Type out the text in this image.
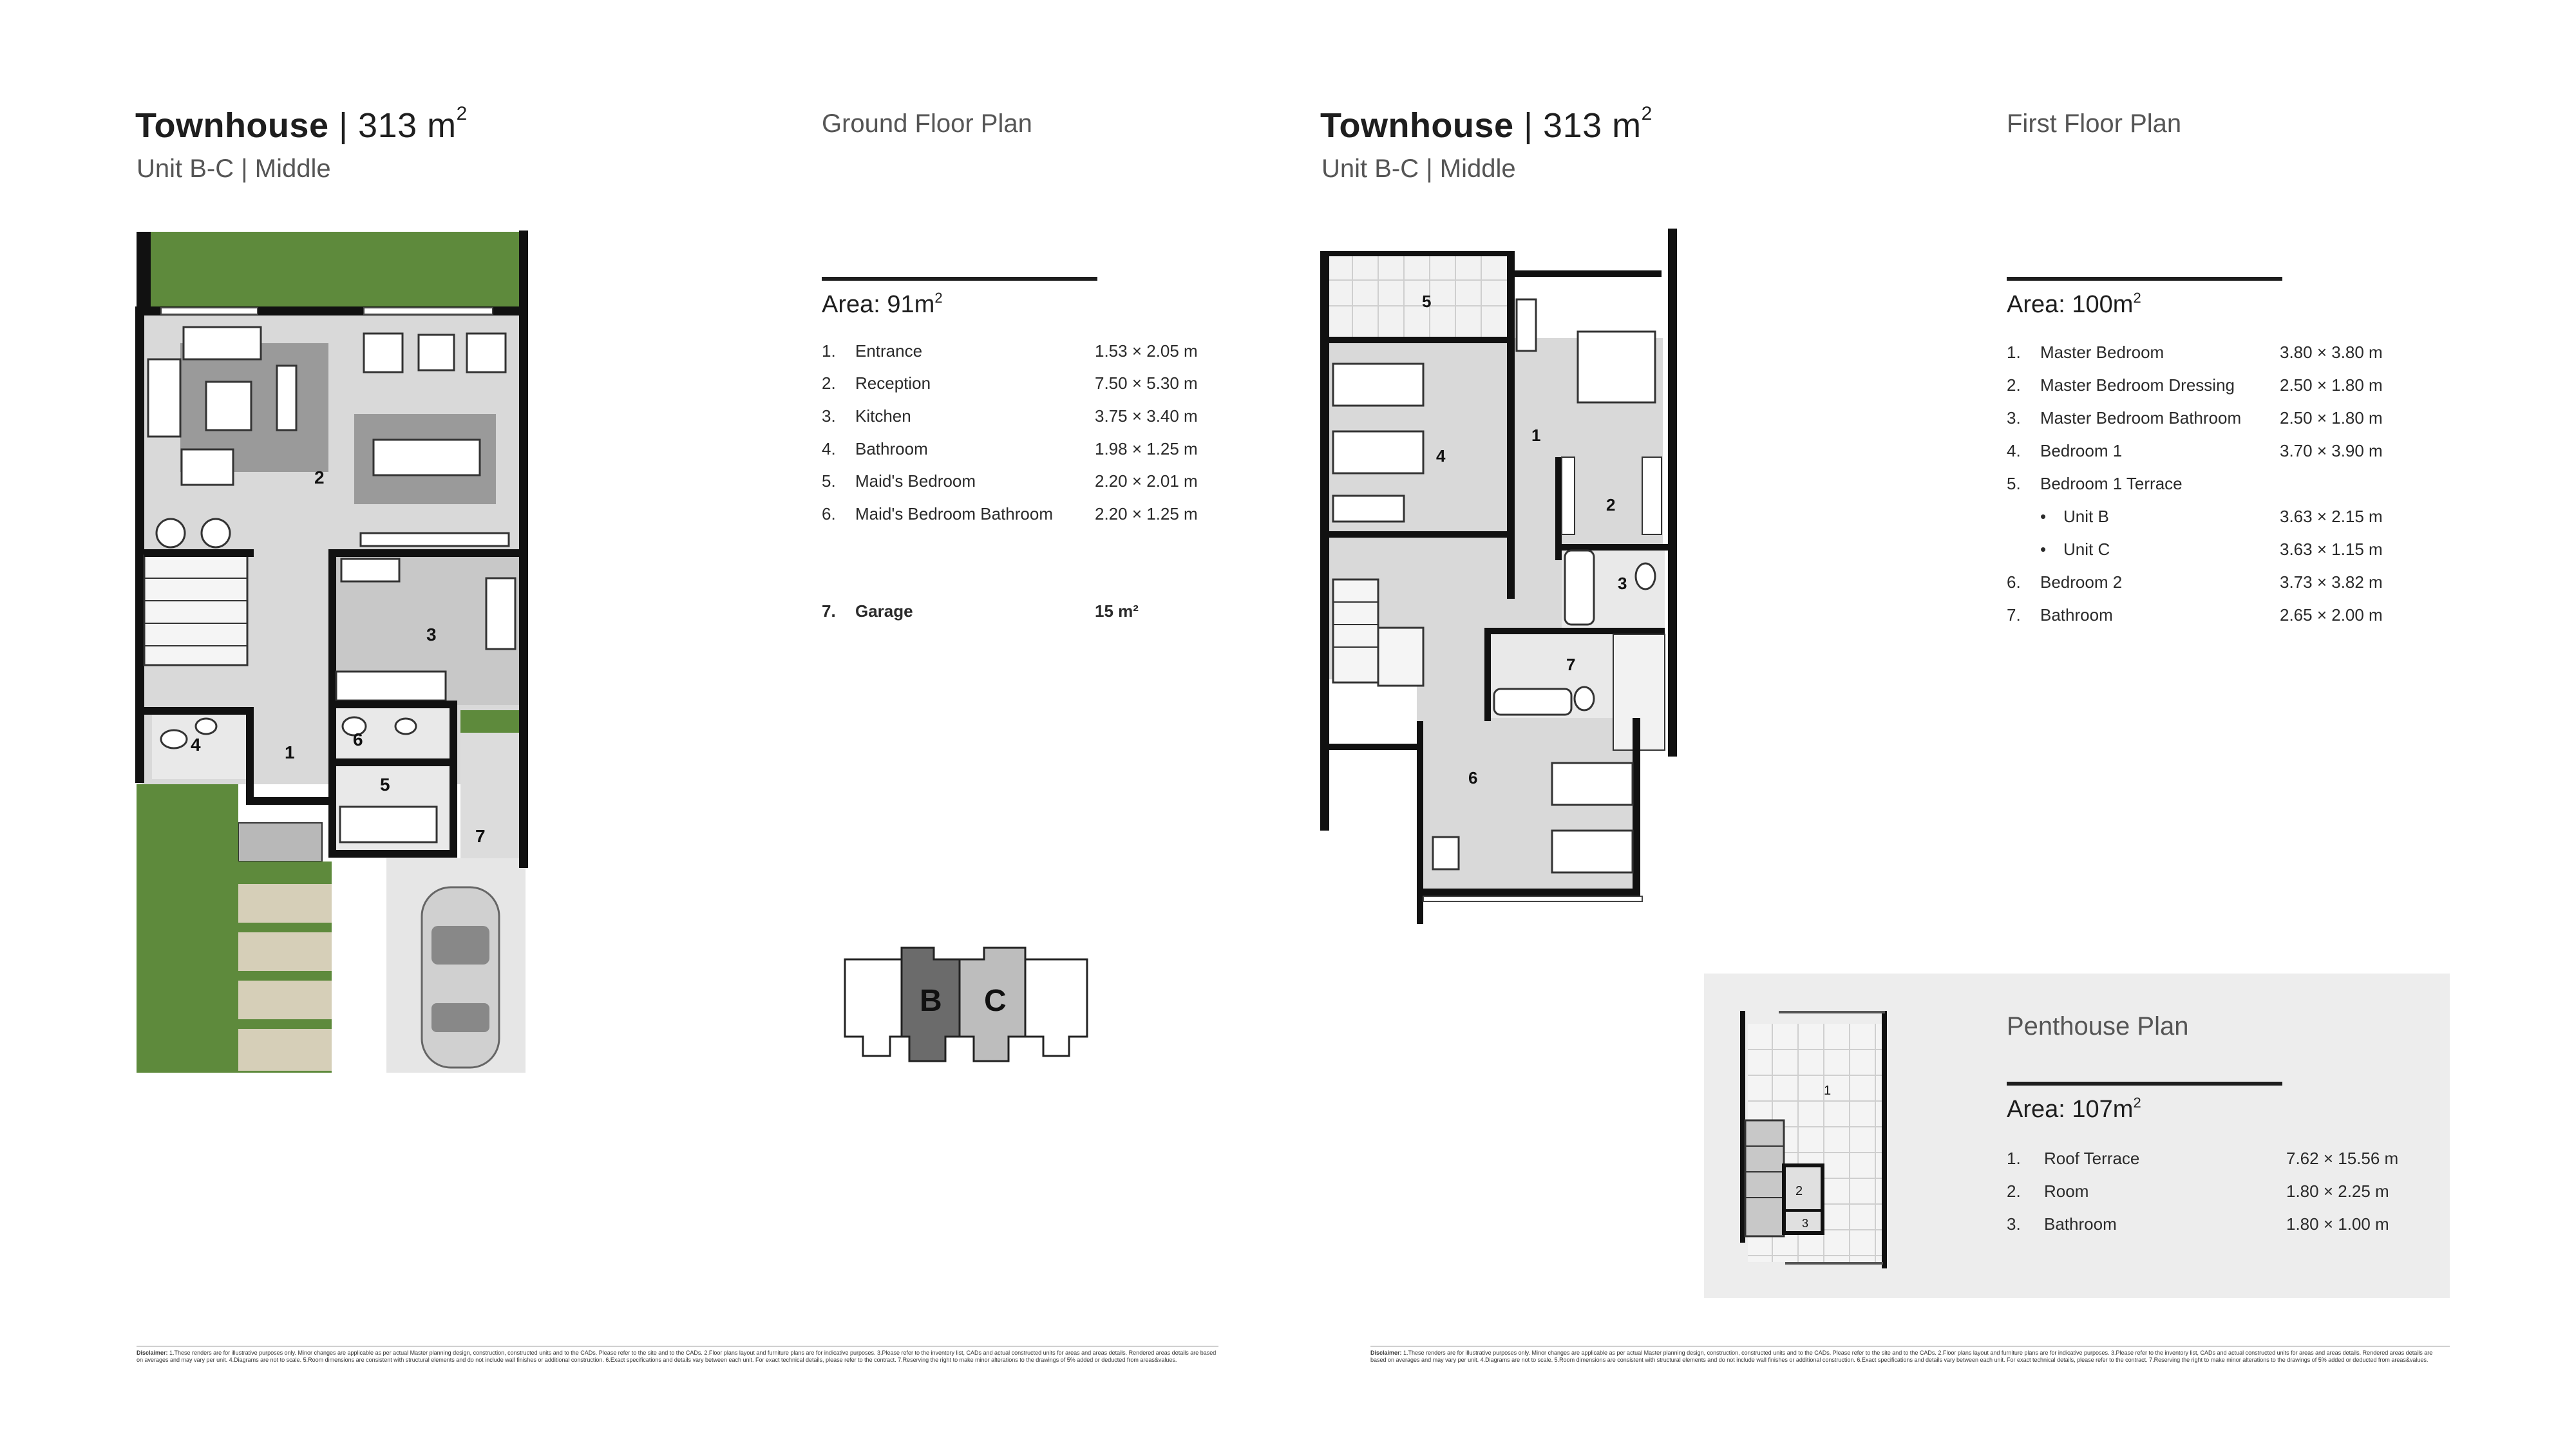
Townhouse | 313 $m^2$
Unit B-C | Middle
Ground Floor Plan
Area: $91m^2$
1. Entrance	1.53 × 2.05 m
2. Reception	7.50 × 5.30 m
3. Kitchen	3.75 × 3.40 m
4. Bathroom	1.98 × 1.25 m
5. Maid's Bedroom	2.20 × 2.01 m
6. Maid's Bedroom Bathroom	2.20 × 1.25 m
7. Garage	15 m²
2
3
4	1
6
5
7
B C
Disclaimer: 1.These renders are for illustrative purposes only. Minor changes are applicable as per actual Master planning design, construction, constructed units and to the CADs. Please refer to the site and to the CADs. 2.Floor plans layout and furniture plans are for indicative purposes. 3.Please refer to the inventory list, CADs and actual constructed units for areas and areas details. Rendered areas details are based on averages and may vary per unit. 4.Diagrams are not to scale. 5.Room dimensions are consistent with structural elements and do not include wall finishes or additional construction. 6.Exact specifications and details vary between each unit. For exact technical details, please refer to the contract. 7.Reserving the right to make minor alterations to the drawings of 5% added or deducted from areas&values.
Townhouse | 313 $m^2$
Unit B-C | Middle
First Floor Plan
Area: $100m^2$
1. Master Bedroom	3.80 × 3.80 m
2. Master Bedroom Dressing	2.50 × 1.80 m
3. Master Bedroom Bathroom 2.50 × 1.80 m
4. Bedroom 1	3.70 × 3.90 m
5. Bedroom 1 Terrace
• Unit B	3.63 × 2.15 m
• Unit C	3.63 × 1.15 m
6. Bedroom 2	3.73 × 3.82 m
7. Bathroom	2.65 × 2.00 m
5
4
1
2
3
7
6
1
2
3
Penthouse Plan
Area: $107m^2$
1. Roof Terrace	7.62 × 15.56 m
2. Room	1.80 × 2.25 m
3. Bathroom	1.80 × 1.00 m
Disclaimer: 1.These renders are for illustrative purposes only. Minor changes are applicable as per actual Master planning design, construction, constructed units and to the CADs. Please refer to the site and to the CADs. 2.Floor plans layout and furniture plans are for indicative purposes. 3.Please refer to the inventory list, CADs and actual constructed units for areas and areas details. Rendered areas details are based on averages and may vary per unit. 4.Diagrams are not to scale. 5.Room dimensions are consistent with structural elements and do not include wall finishes or additional construction. 6.Exact specifications and details vary between each unit. For exact technical details, please refer to the contract. 7.Reserving the right to make minor alterations to the drawings of 5% added or deducted from areas&values.
